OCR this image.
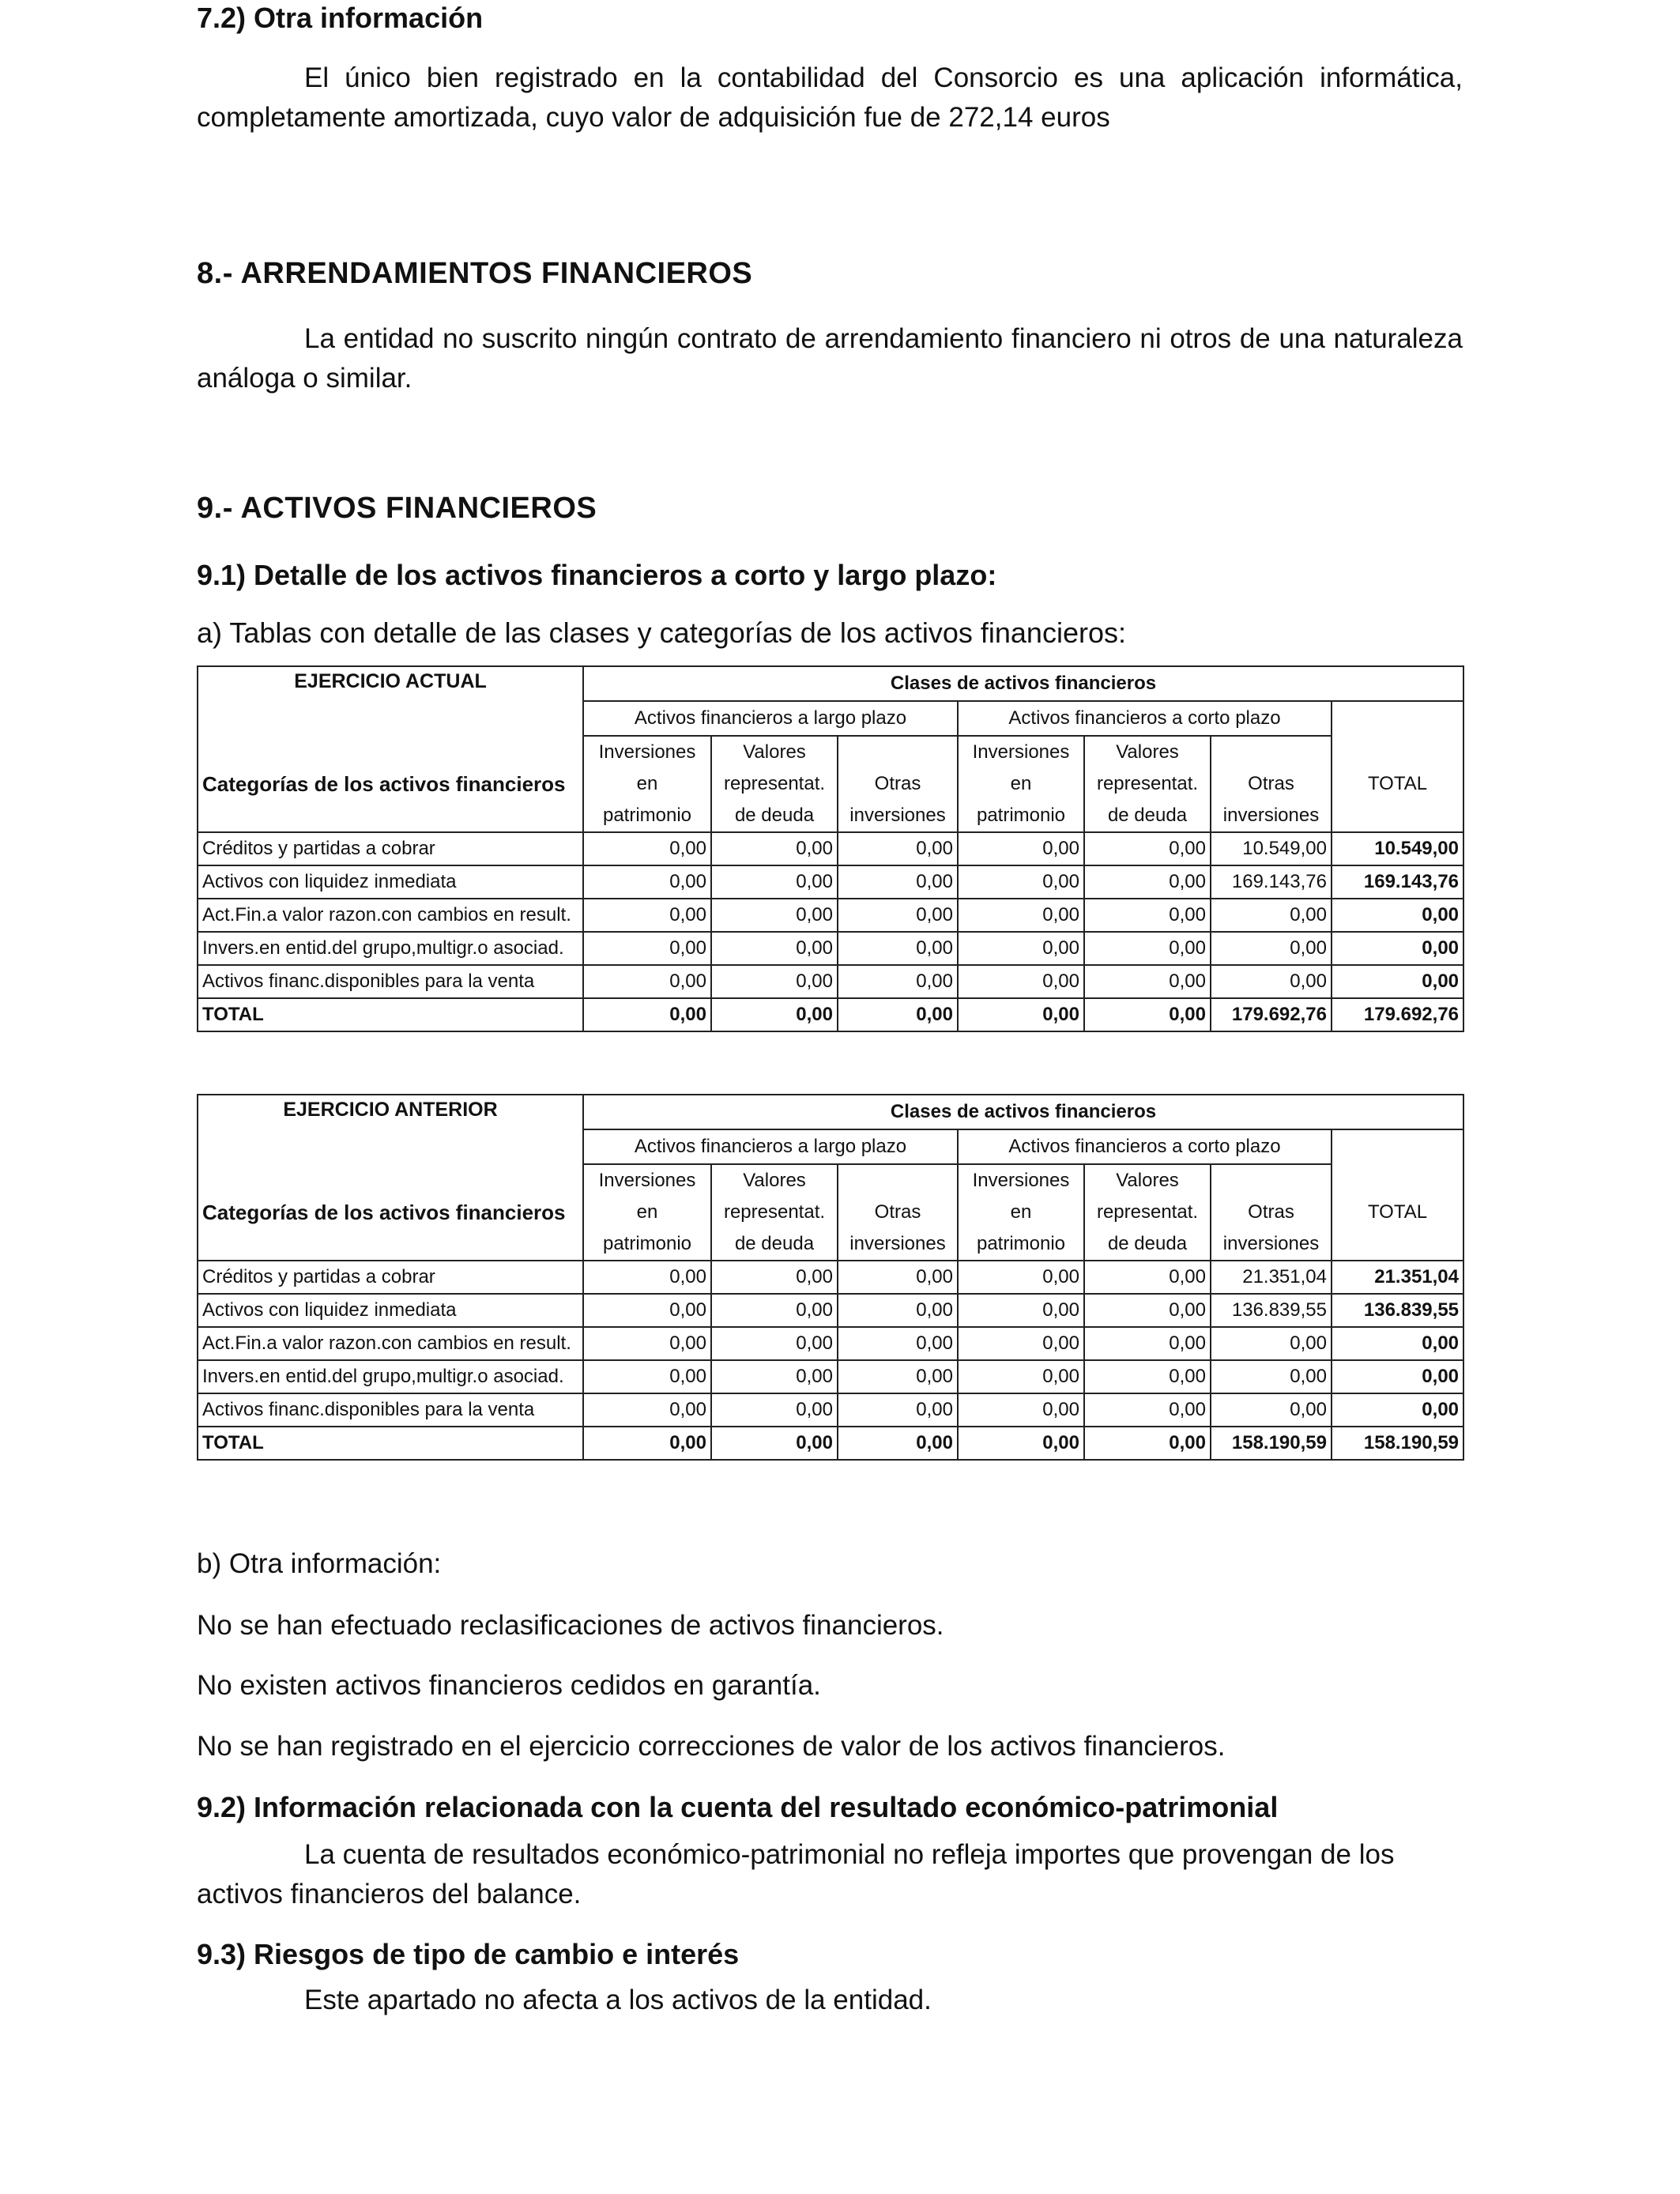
7.2) Otra información

El único bien registrado en la contabilidad del Consorcio es una aplicación informática, completamente amortizada, cuyo valor de adquisición fue de 272,14 euros

8.- ARRENDAMIENTOS FINANCIEROS

La entidad no suscrito ningún contrato de arrendamiento financiero ni otros de una naturaleza análoga o similar.

9.- ACTIVOS FINANCIEROS
9.1) Detalle de los activos financieros a corto y largo plazo:
a) Tablas con detalle de las clases y categorías de los activos financieros:
EJERCICIO ACTUAL	Clases de activos financieros						
	Activos financieros a largo plazo			Activos financieros a corto plazo			
	Inversiones	Valores		Inversiones	Valores		
Categorías de los activos financieros	en	representat.	Otras	en	representat.	Otras	TOTAL
	patrimonio	de deuda	inversiones	patrimonio	de deuda	inversiones	
Créditos y partidas a cobrar	0,00	0,00	0,00	0,00	0,00	10.549,00	10.549,00
Activos con liquidez inmediata	0,00	0,00	0,00	0,00	0,00	169.143,76	169.143,76
Act.Fin.a valor razon.con cambios en result.	0,00	0,00	0,00	0,00	0,00	0,00	0,00
Invers.en entid.del grupo,multigr.o asociad.	0,00	0,00	0,00	0,00	0,00	0,00	0,00
Activos financ.disponibles para la venta	0,00	0,00	0,00	0,00	0,00	0,00	0,00
TOTAL	0,00	0,00	0,00	0,00	0,00	179.692,76	179.692,76
EJERCICIO ANTERIOR	Clases de activos financieros						
	Activos financieros a largo plazo			Activos financieros a corto plazo			
	Inversiones	Valores		Inversiones	Valores		
Categorías de los activos financieros	en	representat.	Otras	en	representat.	Otras	TOTAL
	patrimonio	de deuda	inversiones	patrimonio	de deuda	inversiones	
Créditos y partidas a cobrar	0,00	0,00	0,00	0,00	0,00	21.351,04	21.351,04
Activos con liquidez inmediata	0,00	0,00	0,00	0,00	0,00	136.839,55	136.839,55
Act.Fin.a valor razon.con cambios en result.	0,00	0,00	0,00	0,00	0,00	0,00	0,00
Invers.en entid.del grupo,multigr.o asociad.	0,00	0,00	0,00	0,00	0,00	0,00	0,00
Activos financ.disponibles para la venta	0,00	0,00	0,00	0,00	0,00	0,00	0,00
TOTAL	0,00	0,00	0,00	0,00	0,00	158.190,59	158.190,59
b) Otra información:
No se han efectuado reclasificaciones de activos financieros.
No existen activos financieros cedidos en garantía.
No se han registrado en el ejercicio correcciones de valor de los activos financieros.
9.2) Información relacionada con la cuenta del resultado económico-patrimonial

La cuenta de resultados económico-patrimonial no refleja importes que provengan de los activos financieros del balance.

9.3) Riesgos de tipo de cambio e interés

Este apartado no afecta a los activos de la entidad.
